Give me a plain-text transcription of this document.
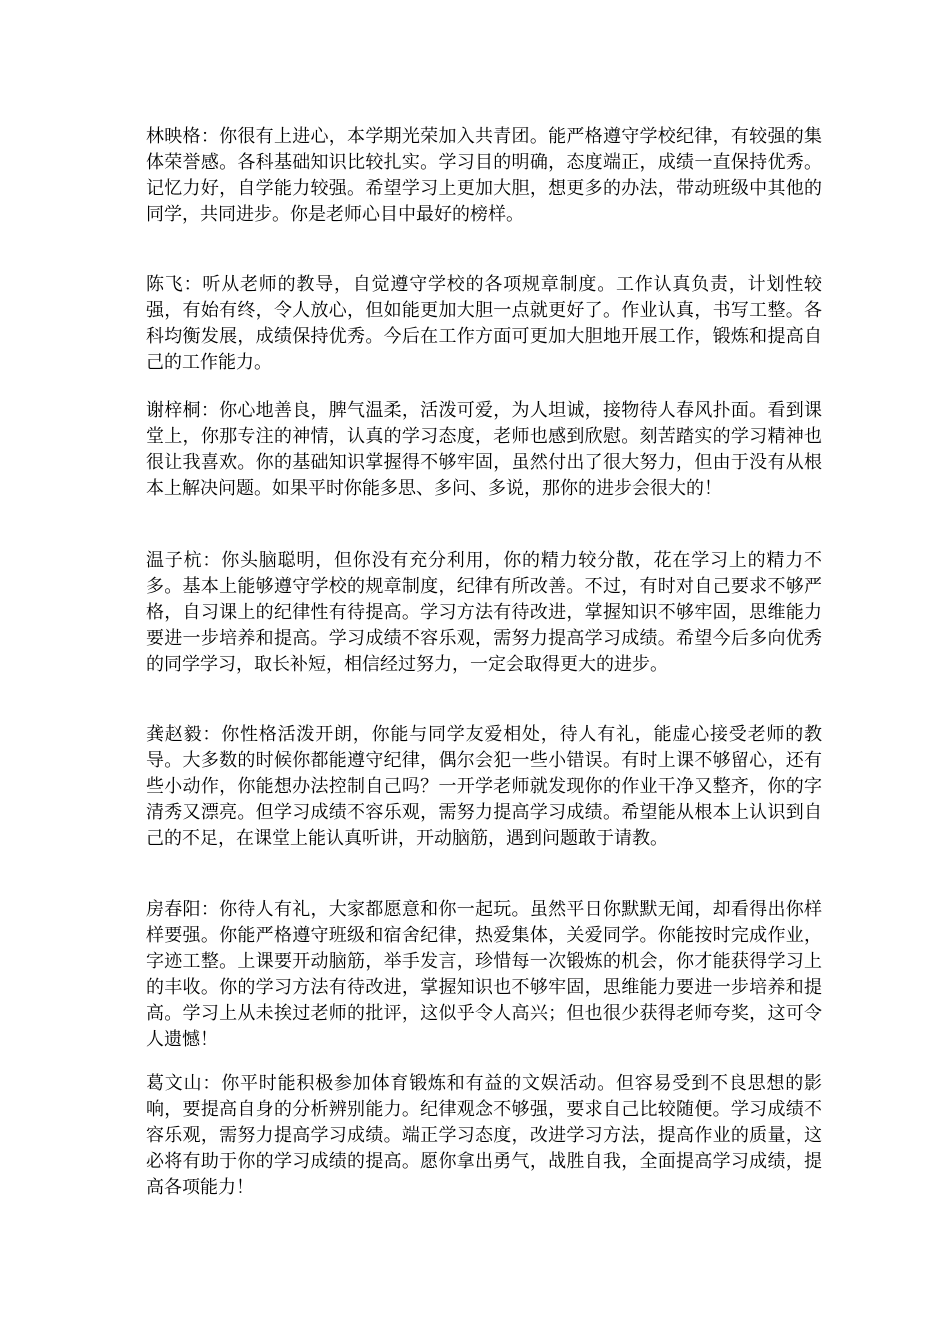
林映格：你很有上进心，本学期光荣加入共青团。能严格遵守学校纪律，有较强的集体荣誉感。各科基础知识比较扎实。学习目的明确，态度端正，成绩一直保持优秀。记忆力好，自学能力较强。希望学习上更加大胆，想更多的办法，带动班级中其他的同学，共同进步。你是老师心目中最好的榜样。

陈飞：听从老师的教导，自觉遵守学校的各项规章制度。工作认真负责，计划性较强，有始有终，令人放心，但如能更加大胆一点就更好了。作业认真，书写工整。各科均衡发展，成绩保持优秀。今后在工作方面可更加大胆地开展工作，锻炼和提高自己的工作能力。

谢梓桐：你心地善良，脾气温柔，活泼可爱，为人坦诚，接物待人春风扑面。看到课堂上，你那专注的神情，认真的学习态度，老师也感到欣慰。刻苦踏实的学习精神也很让我喜欢。你的基础知识掌握得不够牢固，虽然付出了很大努力，但由于没有从根本上解决问题。如果平时你能多思、多问、多说，那你的进步会很大的！

温子杭：你头脑聪明，但你没有充分利用，你的精力较分散，花在学习上的精力不多。基本上能够遵守学校的规章制度，纪律有所改善。不过，有时对自己要求不够严格，自习课上的纪律性有待提高。学习方法有待改进，掌握知识不够牢固，思维能力要进一步培养和提高。学习成绩不容乐观，需努力提高学习成绩。希望今后多向优秀的同学学习，取长补短，相信经过努力，一定会取得更大的进步。

龚赵毅：你性格活泼开朗，你能与同学友爱相处，待人有礼，能虚心接受老师的教导。大多数的时候你都能遵守纪律，偶尔会犯一些小错误。有时上课不够留心，还有些小动作，你能想办法控制自己吗？一开学老师就发现你的作业干净又整齐，你的字清秀又漂亮。但学习成绩不容乐观，需努力提高学习成绩。希望能从根本上认识到自己的不足，在课堂上能认真听讲，开动脑筋，遇到问题敢于请教。

房春阳：你待人有礼，大家都愿意和你一起玩。虽然平日你默默无闻，却看得出你样样要强。你能严格遵守班级和宿舍纪律，热爱集体，关爱同学。你能按时完成作业，字迹工整。上课要开动脑筋，举手发言，珍惜每一次锻炼的机会，你才能获得学习上的丰收。你的学习方法有待改进，掌握知识也不够牢固，思维能力要进一步培养和提高。学习上从未挨过老师的批评，这似乎令人高兴；但也很少获得老师夸奖，这可令人遗憾！

葛文山：你平时能积极参加体育锻炼和有益的文娱活动。但容易受到不良思想的影响，要提高自身的分析辨别能力。纪律观念不够强，要求自己比较随便。学习成绩不容乐观，需努力提高学习成绩。端正学习态度，改进学习方法，提高作业的质量，这必将有助于你的学习成绩的提高。愿你拿出勇气，战胜自我，全面提高学习成绩，提高各项能力！
